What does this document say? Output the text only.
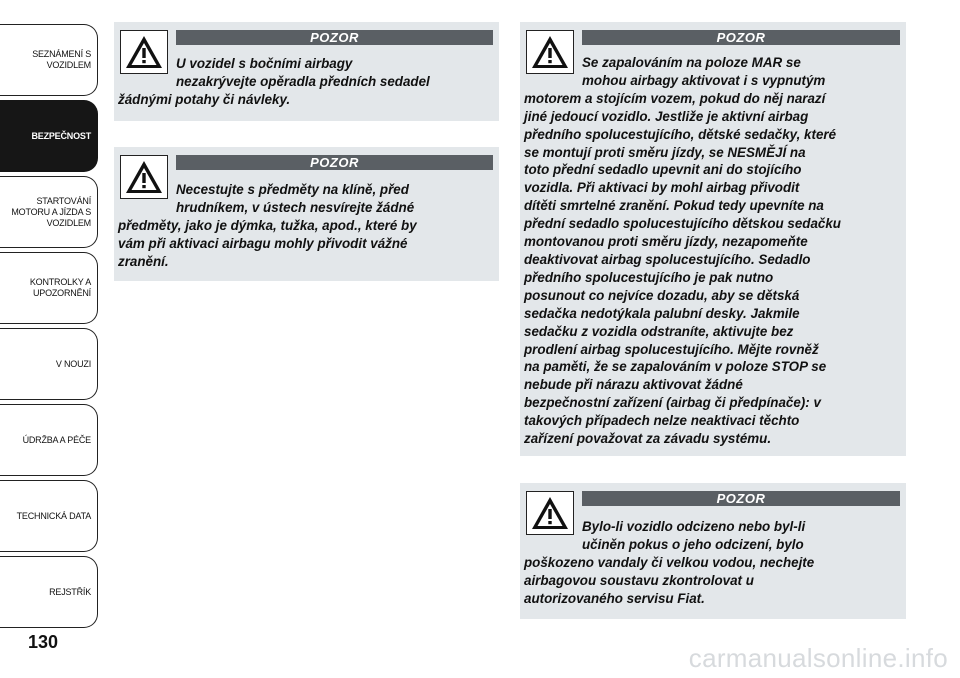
SEZNÁMENÍ S
VOZIDLEM
BEZPEČNOST
STARTOVÁNÍ
MOTORU A JÍZDA S
VOZIDLEM
KONTROLKY A
UPOZORNĚNÍ
V NOUZI
ÚDRŽBA A PÉČE
TECHNICKÁ DATA
REJSTŘÍK
130
POZOR

U vozidel s bočními airbagy
nezakrývejte opěradla předních sedadel
žádnými potahy či návleky.

POZOR

Necestujte s předměty na klíně, před
hrudníkem, v ústech nesvírejte žádné
předměty, jako je dýmka, tužka, apod., které by
vám při aktivaci airbagu mohly přivodit vážné
zranění.

POZOR

Se zapalováním na poloze MAR se
mohou airbagy aktivovat i s vypnutým
motorem a stojícím vozem, pokud do něj narazí
jiné jedoucí vozidlo. Jestliže je aktivní airbag
předního spolucestujícího, dětské sedačky, které
se montují proti směru jízdy, se NESMĚJÍ na
toto přední sedadlo upevnit ani do stojícího
vozidla. Při aktivaci by mohl airbag přivodit
dítěti smrtelné zranění. Pokud tedy upevníte na
přední sedadlo spolucestujícího dětskou sedačku
montovanou proti směru jízdy, nezapomeňte
deaktivovat airbag spolucestujícího. Sedadlo
předního spolucestujícího je pak nutno
posunout co nejvíce dozadu, aby se dětská
sedačka nedotýkala palubní desky. Jakmile
sedačku z vozidla odstraníte, aktivujte bez
prodlení airbag spolucestujícího. Mějte rovněž
na paměti, že se zapalováním v poloze STOP se
nebude při nárazu aktivovat žádné
bezpečnostní zařízení (airbag či předpínače): v
takových případech nelze neaktivaci těchto
zařízení považovat za závadu systému.

POZOR

Bylo-li vozidlo odcizeno nebo byl-li
učiněn pokus o jeho odcizení, bylo
poškozeno vandaly či velkou vodou, nechejte
airbagovou soustavu zkontrolovat u
autorizovaného servisu Fiat.

carmanualsonline.info
